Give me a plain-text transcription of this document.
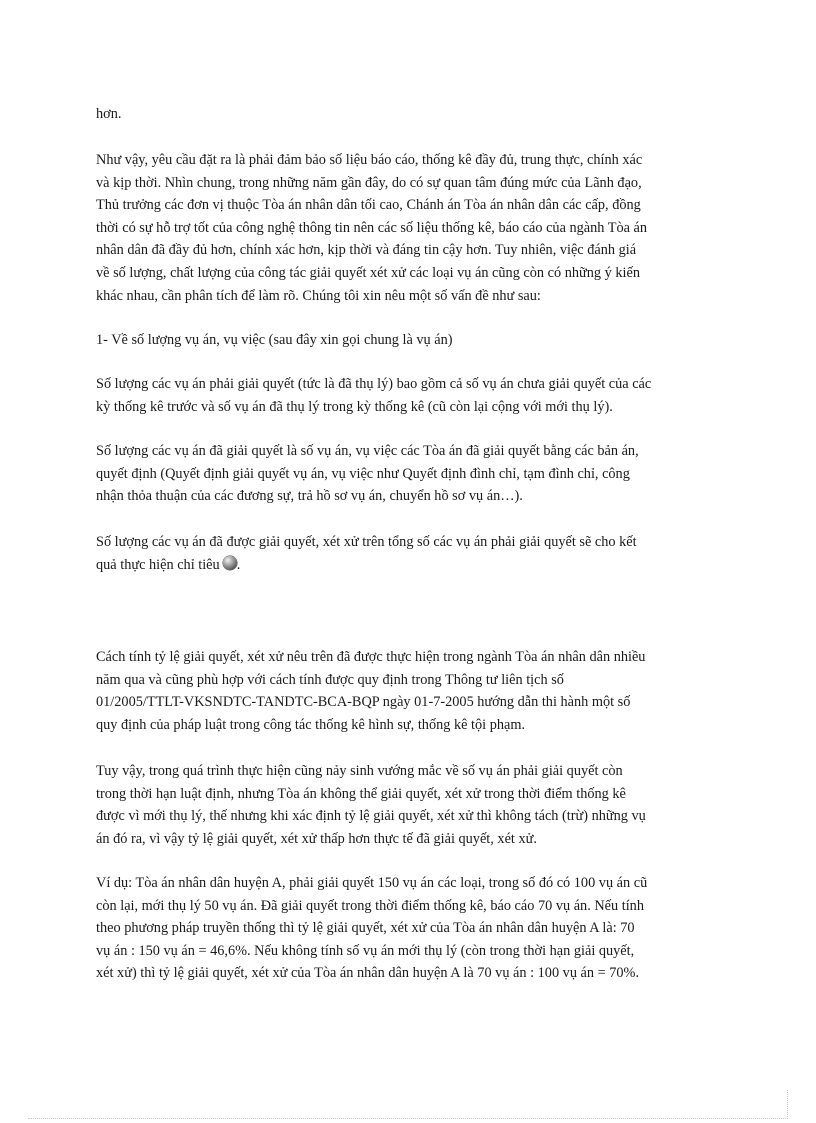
hơn.

Như vậy, yêu cầu đặt ra là phải đảm bảo số liệu báo cáo, thống kê đầy đủ, trung thực, chính xác
và kịp thời. Nhìn chung, trong những năm gần đây, do có sự quan tâm đúng mức của Lãnh đạo,
Thủ trưởng các đơn vị thuộc Tòa án nhân dân tối cao, Chánh án Tòa án nhân dân các cấp, đồng
thời có sự hỗ trợ tốt của công nghệ thông tin nên các số liệu thống kê, báo cáo của ngành Tòa án
nhân dân đã đầy đủ hơn, chính xác hơn, kịp thời và đáng tin cậy hơn. Tuy nhiên, việc đánh giá
về số lượng, chất lượng của công tác giải quyết xét xử các loại vụ án cũng còn có những ý kiến
khác nhau, cần phân tích để làm rõ. Chúng tôi xin nêu một số vấn đề như sau:

1- Về số lượng vụ án, vụ việc (sau đây xin gọi chung là vụ án)

Số lượng các vụ án phải giải quyết (tức là đã thụ lý) bao gồm cả số vụ án chưa giải quyết của các
kỳ thống kê trước và số vụ án đã thụ lý trong kỳ thống kê (cũ còn lại cộng với mới thụ lý).

Số lượng các vụ án đã giải quyết là số vụ án, vụ việc các Tòa án đã giải quyết bằng các bản án,
quyết định (Quyết định giải quyết vụ án, vụ việc như Quyết định đình chỉ, tạm đình chỉ, công
nhận thỏa thuận của các đương sự, trả hồ sơ vụ án, chuyển hồ sơ vụ án…).

Số lượng các vụ án đã được giải quyết, xét xử trên tổng số các vụ án phải giải quyết sẽ cho kết
quả thực hiện chỉ tiêu .

Cách tính tỷ lệ giải quyết, xét xử nêu trên đã được thực hiện trong ngành Tòa án nhân dân nhiều
năm qua và cũng phù hợp với cách tính được quy định trong Thông tư liên tịch số
01/2005/TTLT-VKSNDTC-TANDTC-BCA-BQP ngày 01-7-2005 hướng dẫn thi hành một số
quy định của pháp luật trong công tác thống kê hình sự, thống kê tội phạm.

Tuy vậy, trong quá trình thực hiện cũng nảy sinh vướng mắc về số vụ án phải giải quyết còn
trong thời hạn luật định, nhưng Tòa án không thể giải quyết, xét xử trong thời điểm thống kê
được vì mới thụ lý, thế nhưng khi xác định tỷ lệ giải quyết, xét xử thì không tách (trừ) những vụ
án đó ra, vì vậy tỷ lệ giải quyết, xét xử thấp hơn thực tế đã giải quyết, xét xử.

Ví dụ: Tòa án nhân dân huyện A, phải giải quyết 150 vụ án các loại, trong số đó có 100 vụ án cũ
còn lại, mới thụ lý 50 vụ án. Đã giải quyết trong thời điểm thống kê, báo cáo 70 vụ án. Nếu tính
theo phương pháp truyền thống thì tỷ lệ giải quyết, xét xử của Tòa án nhân dân huyện A là: 70
vụ án : 150 vụ án = 46,6%. Nếu không tính số vụ án mới thụ lý (còn trong thời hạn giải quyết,
xét xử) thì tỷ lệ giải quyết, xét xử của Tòa án nhân dân huyện A là 70 vụ án : 100 vụ án = 70%.
